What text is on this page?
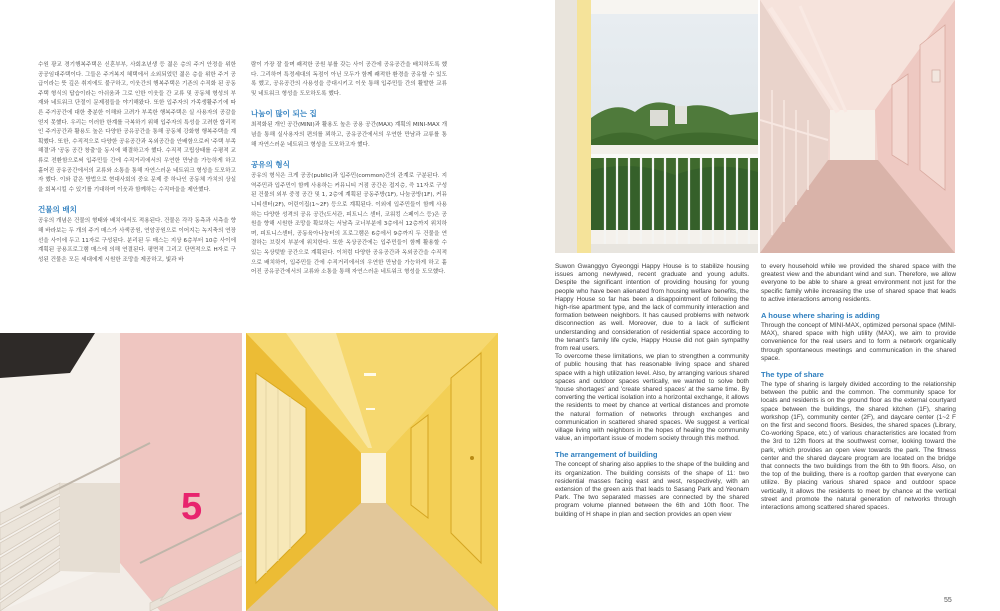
수원 광교 경기행복주택은 신혼부부, 사회초년생 등 젊은 층의 주거 안정을 위한 공공임대주택이다. 그들은 주거복지 혜택에서 소외되었던 젊은 층을 위한 주거 공급이라는 뜻 깊은 취지에도 불구하고, 이웃간의 행복주택은 기존의 수직화 된 공동주택 형식의 답습이라는 아쉬움과 그로 인한 이웃들 간 교류 및 공동체 형성의 부재와 네트워크 단절이 문제점들을 야기해왔다. 또한 입주자의 가족생활주기에 따른 주거공간에 대한 충분한 이해와 고려가 부족한 행복주택은 실 사용자의 공감을 얻지 못했다. 우리는 이러한 한계를 극복하기 위해 입주자의 특성을 고려한 합리적인 주거공간과 활용도 높은 다양한 공유공간을 통해 공동체 강화형 행복주택을 계획했다. 또한, 수직적으로 다양한 공유공간과 옥외공간을 안배함으로써 '주택 부족 해결'과 '공동 공간 창출'을 동시에 해결하고자 했다. 수직적 고립상태를 수평적 교류로 전환함으로써 입주민들 간에 수직거리에서의 우연한 만남을 가능하게 하고 흩어진 공유공간에서의 교류와 소통을 통해 자연스러운 네트워크 형성을 도모하고자 했다. 이와 같은 방법으로 현대사회의 중요 문제 중 하나인 공동체 가치의 상실을 회복시킬 수 있기를 기대하며 이웃과 함께하는 수직마을을 제안했다.

건물의 배치

공유의 개념은 건물의 형태와 배치에서도 적용된다. 건물은 각각 동측과 서측을 향해 바라보는 두 개의 주거 매스가 사색공원, 연암공원으로 이어지는 녹지축의 연장선을 사이에 두고 11자로 구성된다. 분리된 두 매스는 지상 6층부터 10층 사이에 계획된 공용프로그램 매스에 의해 연결된다. 평면적 그리고 단면적으로 H자로 구성된 건물은 모든 세대에게 시원한 조망을 제공하고, 빛과 바

람이 가장 잘 들며 쾌적한 공원 뷰를 갖는 사이 공간에 공유공간을 배치하도록 했다. 그리하여 특정세대의 독점이 아닌 모두가 함께 쾌적한 환경을 공유할 수 있도록 했고, 공유공간의 사용성을 증대시키고 이웃 통해 입주민들 간의 활발한 교류 및 네트워크 형성을 도모하도록 했다.

나눔이 많이 되는 집

최적화된 개인 공간(MINI)과 활용도 높은 공용 공간(MAX) 계획의 MINI-MAX 개념을 통해 실사용자의 편의를 꾀하고, 공유공간에서의 우연한 만남과 교류를 통해 자연스러운 네트워크 형성을 도모하고자 했다.

공유의 형식

공유의 형식은 크게 공공(public)과 입주민(common)간의 관계로 구분된다. 지역주민과 입주민이 함께 사용하는 커뮤니티 거점 공간은 접지층, 즉 11자로 구성된 건물의 외부 중정 공간 및 1, 2층에 계획된 공동주방(1F), 나눔공방(1F), 커뮤니티센터(2F), 어린이집(1~2F) 등으로 계획된다. 이외에 입주민들이 함께 사용하는 다양한 성격의 공유 공간(도서관, 피트니스 센터, 코워킹 스페이스 등)은 공원을 향해 시원한 조망을 확보하는 서남측 코너부분에 3층에서 12층까지 위치하며, 피트니스센터, 공동육아나눔터의 프로그램은 6층에서 9층까지 두 건물을 연결하는 브릿지 부분에 위치한다. 또한 옥상공간에는 입주민들이 함께 활용할 수 있는 옥상텃밭 공간으로 계획된다. 이처럼 다양한 공유공간과 옥외공간을 수직적으로 배치하여, 입주민들 간에 수직거리에서의 우연한 만남을 가능하게 하고 흩어진 공유공간에서의 교류와 소통을 통해 자연스러운 네트워크 형성을 도모했다.

Suwon Gwanggyo Gyeonggi Happy House is to stabilize housing issues among newlywed, recent graduate and young adults. Despite the significant intention of providing housing for young people who have been alienated from housing welfare benefits, the Happy House so far has been a disappointment of following the high-rise apartment type, and the lack of community interaction and formation between neighbors. It has caused problems with network disconnection as well. Moreover, due to a lack of sufficient understanding and consideration of residential space according to the tenant's family life cycle, Happy House did not gain sympathy from real users.

To overcome these limitations, we plan to strengthen a community of public housing that has reasonable living space and shared space with a high utilization level. Also, by arranging various shared spaces and outdoor spaces vertically, we wanted to solve both 'house shortages' and 'create shared spaces' at the same time. By converting the vertical isolation into a horizontal exchange, it allows the residents to meet by chance at vertical distances and promote the natural formation of networks through exchanges and communication in scattered shared spaces. We suggest a vertical village living with neighbors in the hopes of healing the community value, an important issue of modern society through this method.

The arrangement of building

The concept of sharing also applies to the shape of the building and its organization. The building consists of the shape of 11: two residential masses facing east and west, respectively, with an extension of the green axis that leads to Sasang Park and Yeonam Park. The two separated masses are connected by the shared program volume planned between the 6th and 10th floor. The building of H shape in plan and section provides an open view

to every household while we provided the shared space with the greatest view and the abundant wind and sun. Therefore, we allow everyone to be able to share a great environment not just for the specific family while increasing the use of shared space that leads to active interactions among residents.

A house where sharing is adding

Through the concept of MINI-MAX, optimized personal space (MINI-MAX), shared space with high utility (MAX), we aim to provide convenience for the real users and to form a network organically through spontaneous meetings and communication in the shared space.

The type of share

The type of sharing is largely divided according to the relationship between the public and the common. The community space for locals and residents is on the ground floor as the external courtyard space between the buildings, the shared kitchen (1F), sharing workshop (1F), community center (2F), and daycare center (1~2 F on the first and second floors. Besides, the shared spaces (Library, Co-working Space, etc.) of various characteristics are located from the 3rd to 12th floors at the southwest corner, looking toward the park, which provides an open view towards the park. The fitness center and the shared daycare program are located on the bridge that connects the two buildings from the 6th to 9th floors. Also, on the top of the building, there is a rooftop garden that everyone can utilize. By placing various shared space and outdoor space vertically, it allows the residents to meet by chance at the vertical street and promote the natural generation of networks through interactions among scattered shared spaces.

5
55
